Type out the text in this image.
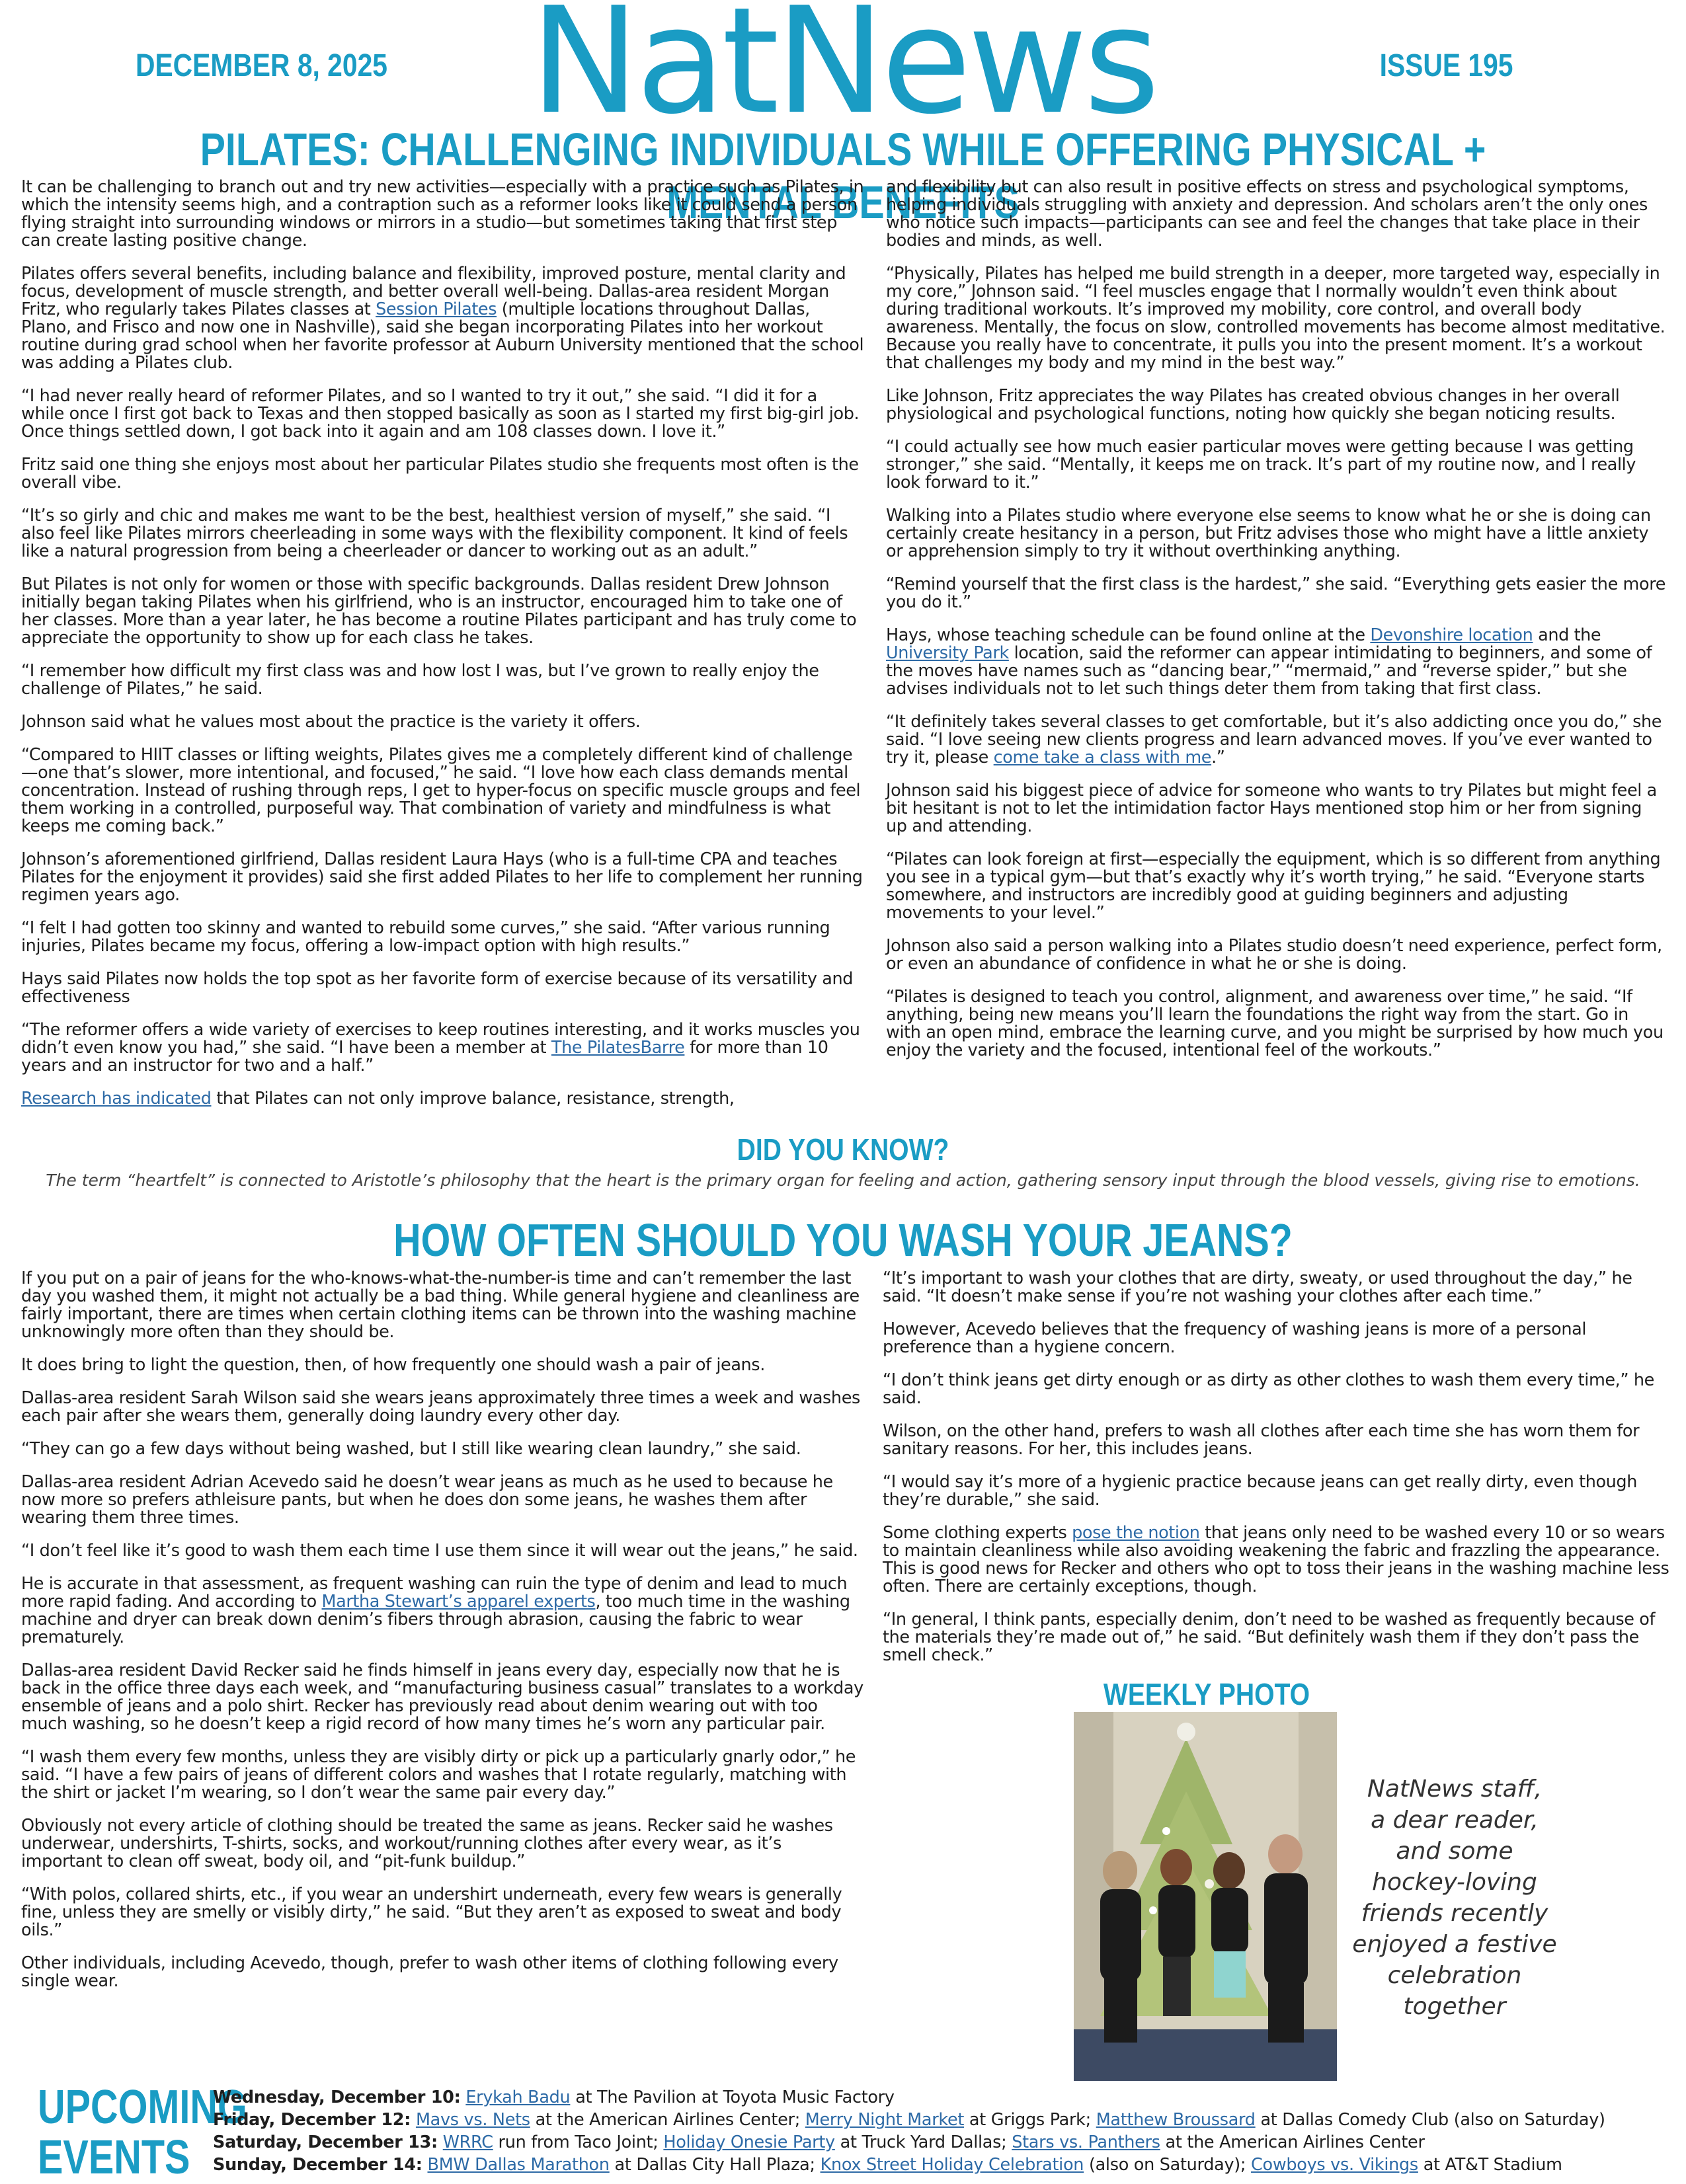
DECEMBER 8, 2025 NatNews	ISSUE 195
PILATES: CHALLENGING INDIVIDUALS WHILE OFFERING PHYSICAL + MENTAL BENEFITS

It can be challenging to branch out and try new activities—especially with a practice such as Pilates, in which the intensity seems high, and a contraption such as a reformer looks like it could send a person flying straight into surrounding windows or mirrors in a studio—but sometimes taking that first step can create lasting positive change.

Pilates offers several benefits, including balance and flexibility, improved posture, mental clarity and focus, development of muscle strength, and better overall well-being. Dallas-area resident Morgan Fritz, who regularly takes Pilates classes at Session Pilates (multiple locations throughout Dallas, Plano, and Frisco and now one in Nashville), said she began incorporating Pilates into her workout routine during grad school when her favorite professor at Auburn University mentioned that the school was adding a Pilates club.

“I had never really heard of reformer Pilates, and so I wanted to try it out,” she said. “I did it for a while once I first got back to Texas and then stopped basically as soon as I started my first big-girl job. Once things settled down, I got back into it again and am 108 classes down. I love it.”

Fritz said one thing she enjoys most about her particular Pilates studio she frequents most often is the overall vibe.

“It’s so girly and chic and makes me want to be the best, healthiest version of myself,” she said. “I also feel like Pilates mirrors cheerleading in some ways with the flexibility component. It kind of feels like a natural progression from being a cheerleader or dancer to working out as an adult.”

But Pilates is not only for women or those with specific backgrounds. Dallas resident Drew Johnson initially began taking Pilates when his girlfriend, who is an instructor, encouraged him to take one of her classes. More than a year later, he has become a routine Pilates participant and has truly come to appreciate the opportunity to show up for each class he takes.

“I remember how difficult my first class was and how lost I was, but I’ve grown to really enjoy the challenge of Pilates,” he said.

Johnson said what he values most about the practice is the variety it offers.

“Compared to HIIT classes or lifting weights, Pilates gives me a completely different kind of challenge—one that’s slower, more intentional, and focused,” he said. “I love how each class demands mental concentration. Instead of rushing through reps, I get to hyper-focus on specific muscle groups and feel them working in a controlled, purposeful way. That combination of variety and mindfulness is what keeps me coming back.”

Johnson’s aforementioned girlfriend, Dallas resident Laura Hays (who is a full-time CPA and teaches Pilates for the enjoyment it provides) said she first added Pilates to her life to complement her running regimen years ago.

“I felt I had gotten too skinny and wanted to rebuild some curves,” she said. “After various running injuries, Pilates became my focus, offering a low-impact option with high results.”

Hays said Pilates now holds the top spot as her favorite form of exercise because of its versatility and effectiveness

“The reformer offers a wide variety of exercises to keep routines interesting, and it works muscles you didn’t even know you had,” she said. “I have been a member at The PilatesBarre for more than 10 years and an instructor for two and a half.”

Research has indicated that Pilates can not only improve balance, resistance, strength,

and flexibility but can also result in positive effects on stress and psychological symptoms, helping individuals struggling with anxiety and depression. And scholars aren’t the only ones who notice such impacts—participants can see and feel the changes that take place in their bodies and minds, as well.

“Physically, Pilates has helped me build strength in a deeper, more targeted way, especially in my core,” Johnson said. “I feel muscles engage that I normally wouldn’t even think about during traditional workouts. It’s improved my mobility, core control, and overall body awareness. Mentally, the focus on slow, controlled movements has become almost meditative. Because you really have to concentrate, it pulls you into the present moment. It’s a workout that challenges my body and my mind in the best way.”

Like Johnson, Fritz appreciates the way Pilates has created obvious changes in her overall physiological and psychological functions, noting how quickly she began noticing results.

“I could actually see how much easier particular moves were getting because I was getting stronger,” she said. “Mentally, it keeps me on track. It’s part of my routine now, and I really look forward to it.”

Walking into a Pilates studio where everyone else seems to know what he or she is doing can certainly create hesitancy in a person, but Fritz advises those who might have a little anxiety or apprehension simply to try it without overthinking anything.

“Remind yourself that the first class is the hardest,” she said. “Everything gets easier the more you do it.”

Hays, whose teaching schedule can be found online at the Devonshire location and the University Park location, said the reformer can appear intimidating to beginners, and some of the moves have names such as “dancing bear,” “mermaid,” and “reverse spider,” but she advises individuals not to let such things deter them from taking that first class.

“It definitely takes several classes to get comfortable, but it’s also addicting once you do,” she said. “I love seeing new clients progress and learn advanced moves. If you’ve ever wanted to try it, please come take a class with me.”

Johnson said his biggest piece of advice for someone who wants to try Pilates but might feel a bit hesitant is not to let the intimidation factor Hays mentioned stop him or her from signing up and attending.

“Pilates can look foreign at first—especially the equipment, which is so different from anything you see in a typical gym—but that’s exactly why it’s worth trying,” he said. “Everyone starts somewhere, and instructors are incredibly good at guiding beginners and adjusting movements to your level.”

Johnson also said a person walking into a Pilates studio doesn’t need experience, perfect form, or even an abundance of confidence in what he or she is doing.

“Pilates is designed to teach you control, alignment, and awareness over time,” he said. “If anything, being new means you’ll learn the foundations the right way from the start. Go in with an open mind, embrace the learning curve, and you might be surprised by how much you enjoy the variety and the focused, intentional feel of the workouts.”

DID YOU KNOW?
The term “heartfelt” is connected to Aristotle’s philosophy that the heart is the primary organ for feeling and action, gathering sensory input through the blood vessels, giving rise to emotions.
HOW OFTEN SHOULD YOU WASH YOUR JEANS?

If you put on a pair of jeans for the who-knows-what-the-number-is time and can’t remember the last day you washed them, it might not actually be a bad thing. While general hygiene and cleanliness are fairly important, there are times when certain clothing items can be thrown into the washing machine unknowingly more often than they should be.

It does bring to light the question, then, of how frequently one should wash a pair of jeans.

Dallas-area resident Sarah Wilson said she wears jeans approximately three times a week and washes each pair after she wears them, generally doing laundry every other day.

“They can go a few days without being washed, but I still like wearing clean laundry,” she said.

Dallas-area resident Adrian Acevedo said he doesn’t wear jeans as much as he used to because he now more so prefers athleisure pants, but when he does don some jeans, he washes them after wearing them three times.

“I don’t feel like it’s good to wash them each time I use them since it will wear out the jeans,” he said.

He is accurate in that assessment, as frequent washing can ruin the type of denim and lead to much more rapid fading. And according to Martha Stewart’s apparel experts, too much time in the washing machine and dryer can break down denim’s fibers through abrasion, causing the fabric to wear prematurely.

Dallas-area resident David Recker said he finds himself in jeans every day, especially now that he is back in the office three days each week, and “manufacturing business casual” translates to a workday ensemble of jeans and a polo shirt. Recker has previously read about denim wearing out with too much washing, so he doesn’t keep a rigid record of how many times he’s worn any particular pair.

“I wash them every few months, unless they are visibly dirty or pick up a particularly gnarly odor,” he said. “I have a few pairs of jeans of different colors and washes that I rotate regularly, matching with the shirt or jacket I’m wearing, so I don’t wear the same pair every day.”

Obviously not every article of clothing should be treated the same as jeans. Recker said he washes underwear, undershirts, T-shirts, socks, and workout/running clothes after every wear, as it’s important to clean off sweat, body oil, and “pit-funk buildup.”

“With polos, collared shirts, etc., if you wear an undershirt underneath, every few wears is generally fine, unless they are smelly or visibly dirty,” he said. “But they aren’t as exposed to sweat and body oils.”

Other individuals, including Acevedo, though, prefer to wash other items of clothing following every single wear.

“It’s important to wash your clothes that are dirty, sweaty, or used throughout the day,” he said. “It doesn’t make sense if you’re not washing your clothes after each time.”

However, Acevedo believes that the frequency of washing jeans is more of a personal preference than a hygiene concern.

“I don’t think jeans get dirty enough or as dirty as other clothes to wash them every time,” he said.

Wilson, on the other hand, prefers to wash all clothes after each time she has worn them for sanitary reasons. For her, this includes jeans.

“I would say it’s more of a hygienic practice because jeans can get really dirty, even though they’re durable,” she said.

Some clothing experts pose the notion that jeans only need to be washed every 10 or so wears to maintain cleanliness while also avoiding weakening the fabric and frazzling the appearance. This is good news for Recker and others who opt to toss their jeans in the washing machine less often. There are certainly exceptions, though.

“In general, I think pants, especially denim, don’t need to be washed as frequently because of the materials they’re made out of,” he said. “But definitely wash them if they don’t pass the smell check.”

WEEKLY PHOTO
NatNews staff,
a dear reader,
and some
hockey-loving
friends recently
enjoyed a festive
celebration
together
UPCOMING
EVENTS
Wednesday, December 10: Erykah Badu at The Pavilion at Toyota Music Factory
Friday, December 12: Mavs vs. Nets at the American Airlines Center; Merry Night Market at Griggs Park; Matthew Broussard at Dallas Comedy Club (also on Saturday)
Saturday, December 13: WRRC run from Taco Joint; Holiday Onesie Party at Truck Yard Dallas; Stars vs. Panthers at the American Airlines Center
Sunday, December 14: BMW Dallas Marathon at Dallas City Hall Plaza; Knox Street Holiday Celebration (also on Saturday); Cowboys vs. Vikings at AT&T Stadium
